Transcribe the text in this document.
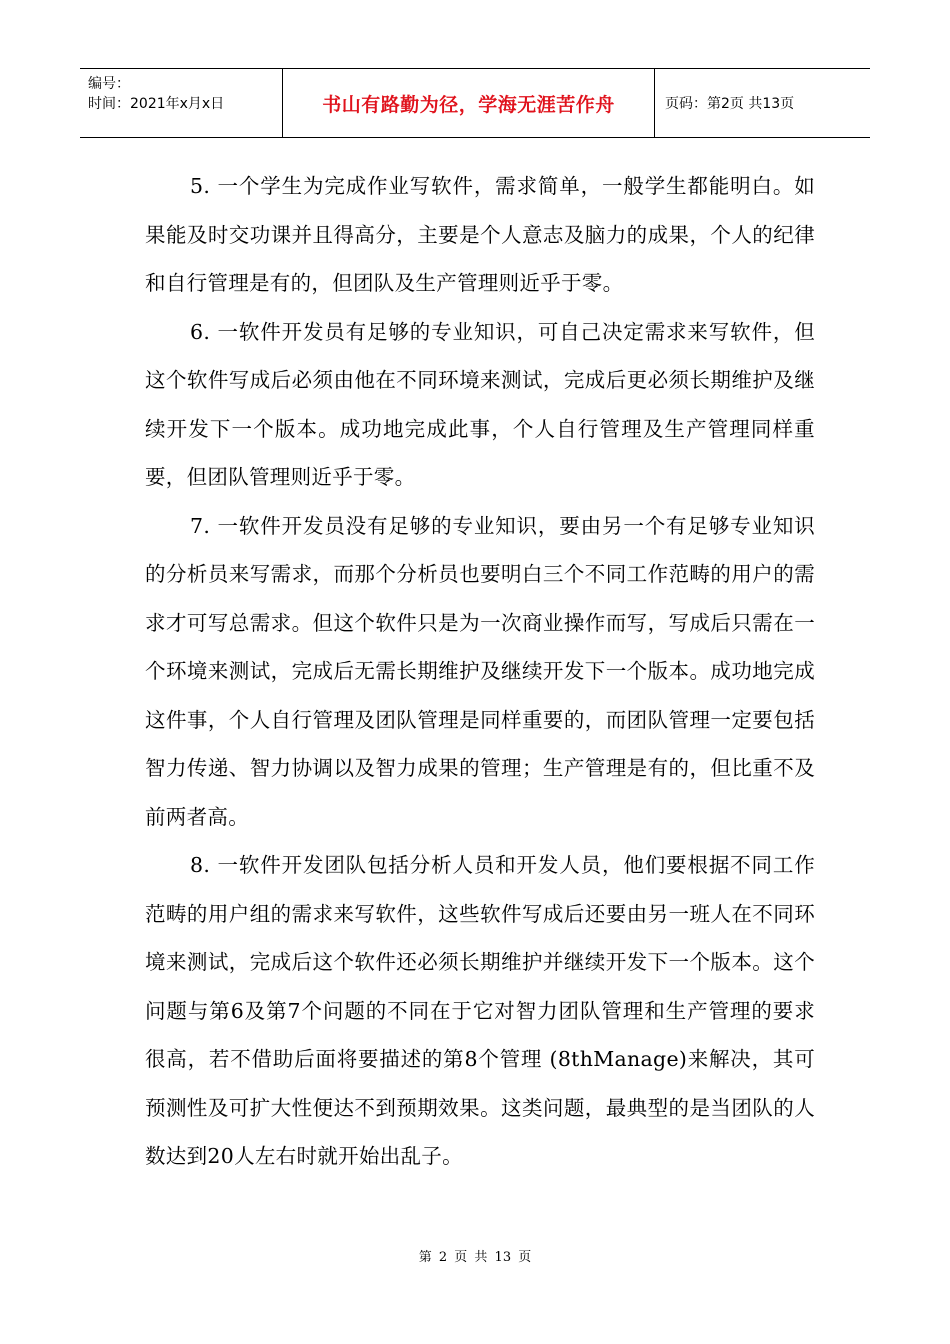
编号：
时间：2021年x月x日	书山有路勤为径，学海无涯苦作舟	页码：第2页 共13页

5. 一个学生为完成作业写软件，需求简单，一般学生都能明白。如果能及时交功课并且得高分，主要是个人意志及脑力的成果，个人的纪律和自行管理是有的，但团队及生产管理则近乎于零。

6. 一软件开发员有足够的专业知识，可自己决定需求来写软件，但这个软件写成后必须由他在不同环境来测试，完成后更必须长期维护及继续开发下一个版本。成功地完成此事，个人自行管理及生产管理同样重要，但团队管理则近乎于零。

7. 一软件开发员没有足够的专业知识，要由另一个有足够专业知识的分析员来写需求，而那个分析员也要明白三个不同工作范畴的用户的需求才可写总需求。但这个软件只是为一次商业操作而写，写成后只需在一个环境来测试，完成后无需长期维护及继续开发下一个版本。成功地完成这件事，个人自行管理及团队管理是同样重要的，而团队管理一定要包括智力传递、智力协调以及智力成果的管理；生产管理是有的，但比重不及前两者高。

8. 一软件开发团队包括分析人员和开发人员，他们要根据不同工作范畴的用户组的需求来写软件，这些软件写成后还要由另一班人在不同环境来测试，完成后这个软件还必须长期维护并继续开发下一个版本。这个问题与第6及第7个问题的不同在于它对智力团队管理和生产管理的要求很高，若不借助后面将要描述的第8个管理 (8thManage)来解决，其可预测性及可扩大性便达不到预期效果。这类问题，最典型的是当团队的人数达到20人左右时就开始出乱子。

第 2 页 共 13 页
